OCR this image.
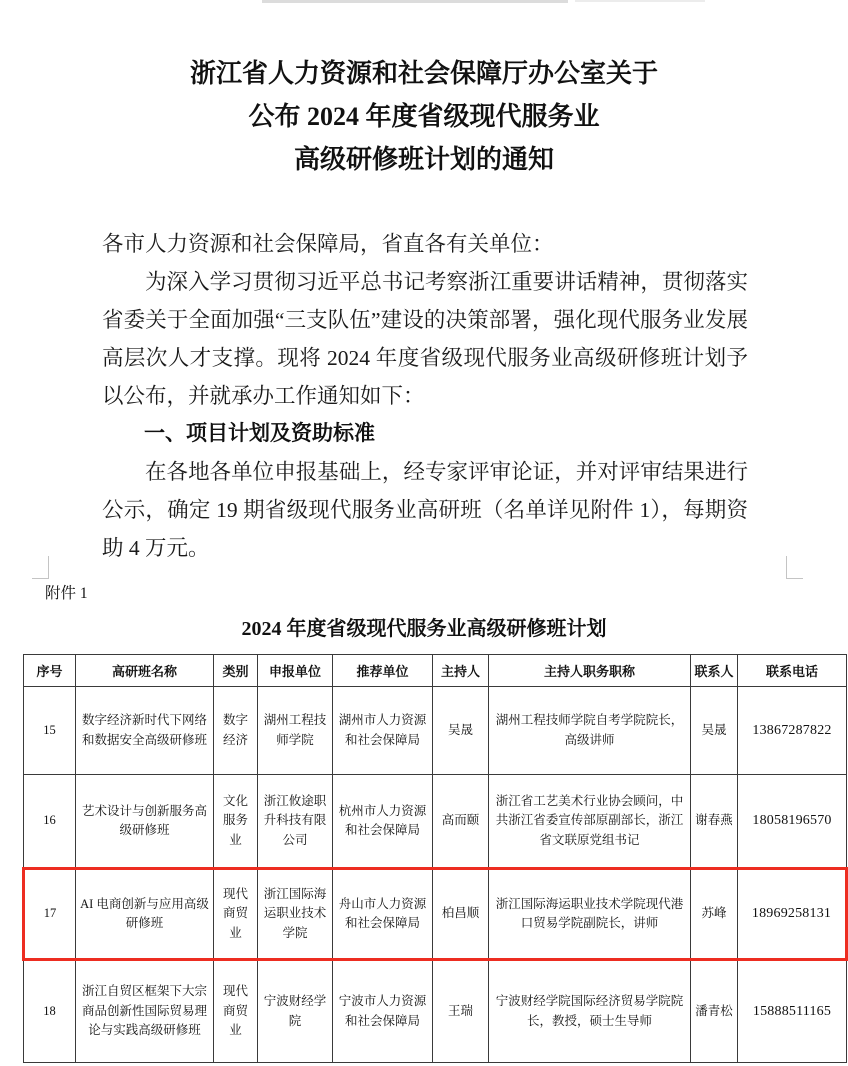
浙江省人力资源和社会保障厅办公室关于
公布 2024 年度省级现代服务业
高级研修班计划的通知

各市人力资源和社会保障局，省直各有关单位：

为深入学习贯彻习近平总书记考察浙江重要讲话精神，贯彻落实省委关于全面加强“三支队伍”建设的决策部署，强化现代服务业发展高层次人才支撑。现将 2024 年度省级现代服务业高级研修班计划予以公布，并就承办工作通知如下：

一、项目计划及资助标准

在各地各单位申报基础上，经专家评审论证，并对评审结果进行公示，确定 19 期省级现代服务业高研班（名单详见附件 1），每期资助 4 万元。

附件 1
2024 年度省级现代服务业高级研修班计划
序号	高研班名称	类别	申报单位	推荐单位	主持人	主持人职务职称	联系人	联系电话
15	数字经济新时代下网络和数据安全高级研修班	数字经济	湖州工程技师学院	湖州市人力资源和社会保障局	吴晟	湖州工程技师学院自考学院院长，高级讲师	吴晟	13867287822
16	艺术设计与创新服务高级研修班	文化服务业	浙江攸途职升科技有限公司	杭州市人力资源和社会保障局	高而颐	浙江省工艺美术行业协会顾问，中共浙江省委宣传部原副部长，浙江省文联原党组书记	谢春燕	18058196570
17	AI 电商创新与应用高级研修班	现代商贸业	浙江国际海运职业技术学院	舟山市人力资源和社会保障局	柏昌顺	浙江国际海运职业技术学院现代港口贸易学院副院长，讲师	苏峰	18969258131
18	浙江自贸区框架下大宗商品创新性国际贸易理论与实践高级研修班	现代商贸业	宁波财经学院	宁波市人力资源和社会保障局	王瑞	宁波财经学院国际经济贸易学院院长，教授，硕士生导师	潘青松	15888511165
